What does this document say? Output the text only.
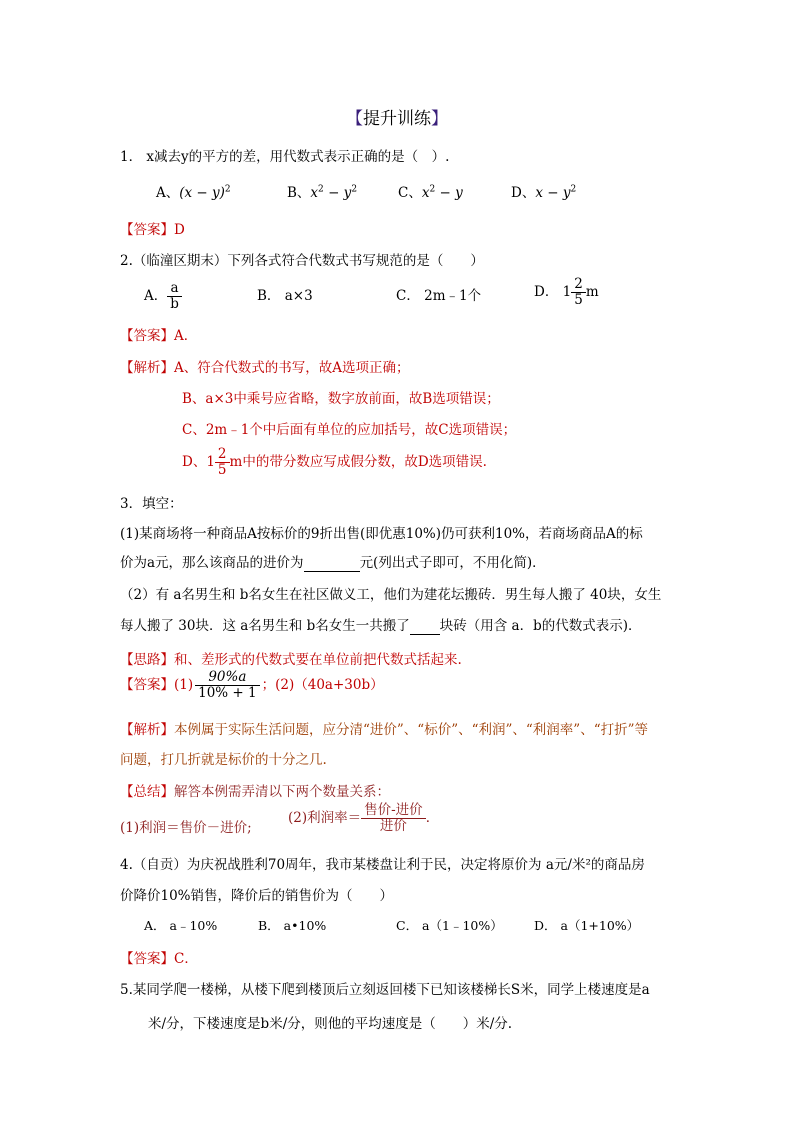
【提升训练】
1． x减去y的平方的差，用代数式表示正确的是（　）.
A、$(x - y)^2$	B、$x^2 - y^2$	C、$x^2 - y$	D、$x - y^2$
【答案】D
2.（临潼区期末）下列各式符合代数式书写规范的是（　　）
A． $\frac{a}{b}$	B． a×3	C． 2m﹣1个	D． $1 \frac{2}{5}$ m
【答案】A．
【解析】A、符合代数式的书写，故A选项正确；
B、a×3中乘号应省略，数字放前面，故B选项错误；
C、2m﹣1个中后面有单位的应加括号，故C选项错误；
D、$1 \frac{2}{5}$ m中的带分数应写成假分数，故D选项错误.
3．填空：
(1)某商场将一种商品A按标价的9折出售(即优惠10%)仍可获利10%，若商场商品A的标
价为a元，那么该商品的进价为	元(列出式子即可，不用化简)．
（2）有 a名男生和 b名女生在社区做义工，他们为建花坛搬砖．男生每人搬了 40块，女生
每人搬了 30块．这 a名男生和 b名女生一共搬了 块砖（用含 a．b的代数式表示)．
【思路】和、差形式的代数式要在单位前把代数式括起来.
【答案】$(1) \frac{90\%a}{10\% + 1}$ ；(2)（40a+30b）
【解析】本例属于实际生活问题，应分清“进价”、“标价”、“利润”、“利润率”、“打折”等
问题，打几折就是标价的十分之几.
【总结】解答本例需弄清以下两个数量关系：
(1)利润＝售价－进价;
(2)利润率＝ $\frac{\text{售价-进价}}{\text{进价}}$ ．
4.（自贡）为庆祝战胜利70周年，我市某楼盘让利于民，决定将原价为 a元/米²的商品房
价降价10%销售，降价后的销售价为（　　）
A． a﹣10%	B． a•10%	C． a（1﹣10%）	D． a（1+10%）
【答案】C．
5.某同学爬一楼梯，从楼下爬到楼顶后立刻返回楼下已知该楼梯长S米，同学上楼速度是a
米/分，下楼速度是b米/分，则他的平均速度是（　　）米/分.
